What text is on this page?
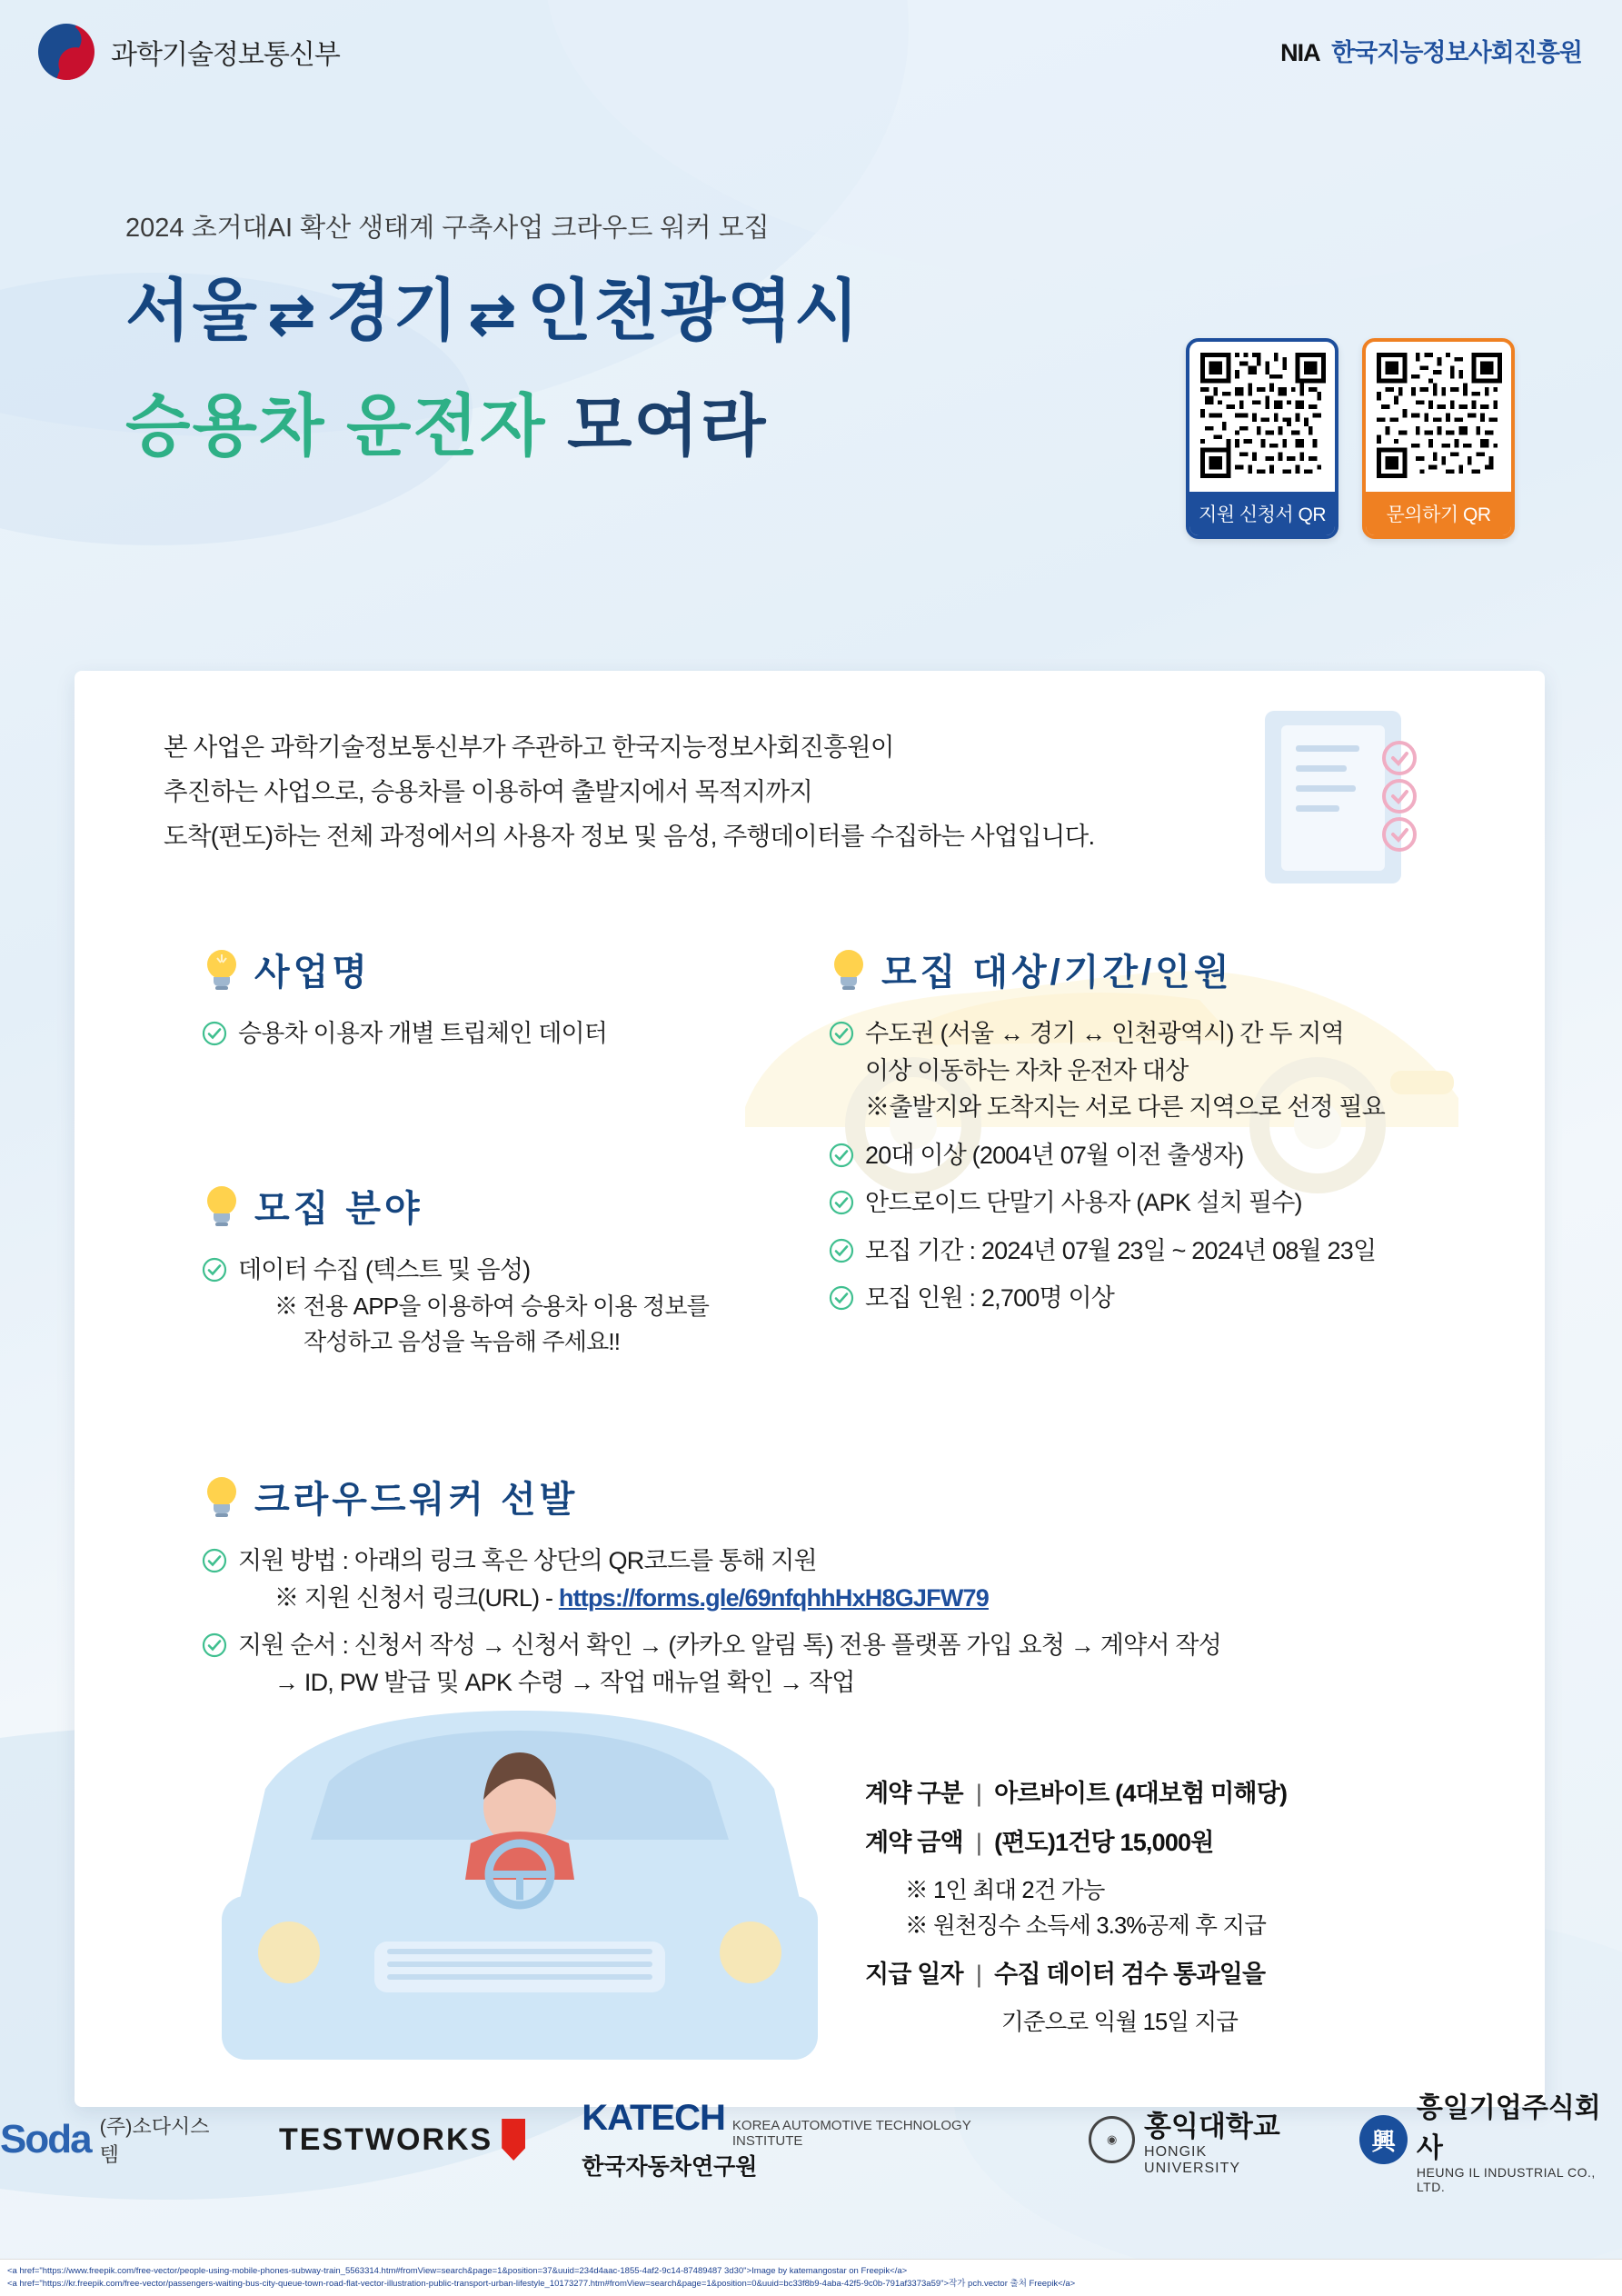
과학기술정보통신부	NIA 한국지능정보사회진흥원
2024 초거대AI 확산 생태계 구축사업 크라우드 워커 모집
서울 ⇄ 경기 ⇄ 인천광역시
승용차 운전자 모여라
지원 신청서 QR	문의하기 QR
본 사업은 과학기술정보통신부가 주관하고 한국지능정보사회진흥원이
추진하는 사업으로, 승용차를 이용하여 출발지에서 목적지까지
도착(편도)하는 전체 과정에서의 사용자 정보 및 음성, 주행데이터를 수집하는 사업입니다.
사업명
승용차 이용자 개별 트립체인 데이터
모집 분야
데이터 수집 (텍스트 및 음성)
※ 전용 APP을 이용하여 승용차 이용 정보를
작성하고 음성을 녹음해 주세요!!
모집 대상/기간/인원
수도권 (서울 ↔ 경기 ↔ 인천광역시) 간 두 지역
이상 이동하는 자차 운전자 대상
※출발지와 도착지는 서로 다른 지역으로 선정 필요
20대 이상 (2004년 07월 이전 출생자)
안드로이드 단말기 사용자 (APK 설치 필수)
모집 기간 : 2024년 07월 23일 ~ 2024년 08월 23일
모집 인원 : 2,700명 이상
크라우드워커 선발
지원 방법 : 아래의 링크 혹은 상단의 QR코드를 통해 지원
※ 지원 신청서 링크(URL) - https://forms.gle/69nfqhhHxH8GJFW79
지원 순서 : 신청서 작성 → 신청서 확인 → (카카오 알림 톡) 전용 플랫폼 가입 요청 → 계약서 작성
→ ID, PW 발급 및 APK 수령 → 작업 매뉴얼 확인 → 작업
계약 구분 | 아르바이트 (4대보험 미해당)
계약 금액 | (편도)1건당 15,000원
※ 1인 최대 2건 가능
※ 원천징수 소득세 3.3%공제 후 지급
지급 일자 | 수집 데이터 검수 통과일을
기준으로 익월 15일 지급
Soda (주)소다시스템	TESTWORKS
KATECH KOREA AUTOMOTIVE TECHNOLOGY INSTITUTE
한국자동차연구원
◉ 홍익대학교
HONGIK UNIVERSITY
興
흥일기업주식회사
HEUNG IL INDUSTRIAL CO., LTD.
<a href="https://www.freepik.com/free-vector/people-using-mobile-phones-subway-train_5563314.htm#fromView=search&page=1&position=37&uuid=234d4aac-1855-4af2-9c14-87489487 3d30">Image by katemangostar on Freepik</a>
<a href="https://kr.freepik.com/free-vector/passengers-waiting-bus-city-queue-town-road-flat-vector-illustration-public-transport-urban-lifestyle_10173277.htm#fromView=search&page=1&position=0&uuid=bc33f8b9-4aba-42f5-9c0b-791af3373a59">작가 pch.vector 출처 Freepik</a>
